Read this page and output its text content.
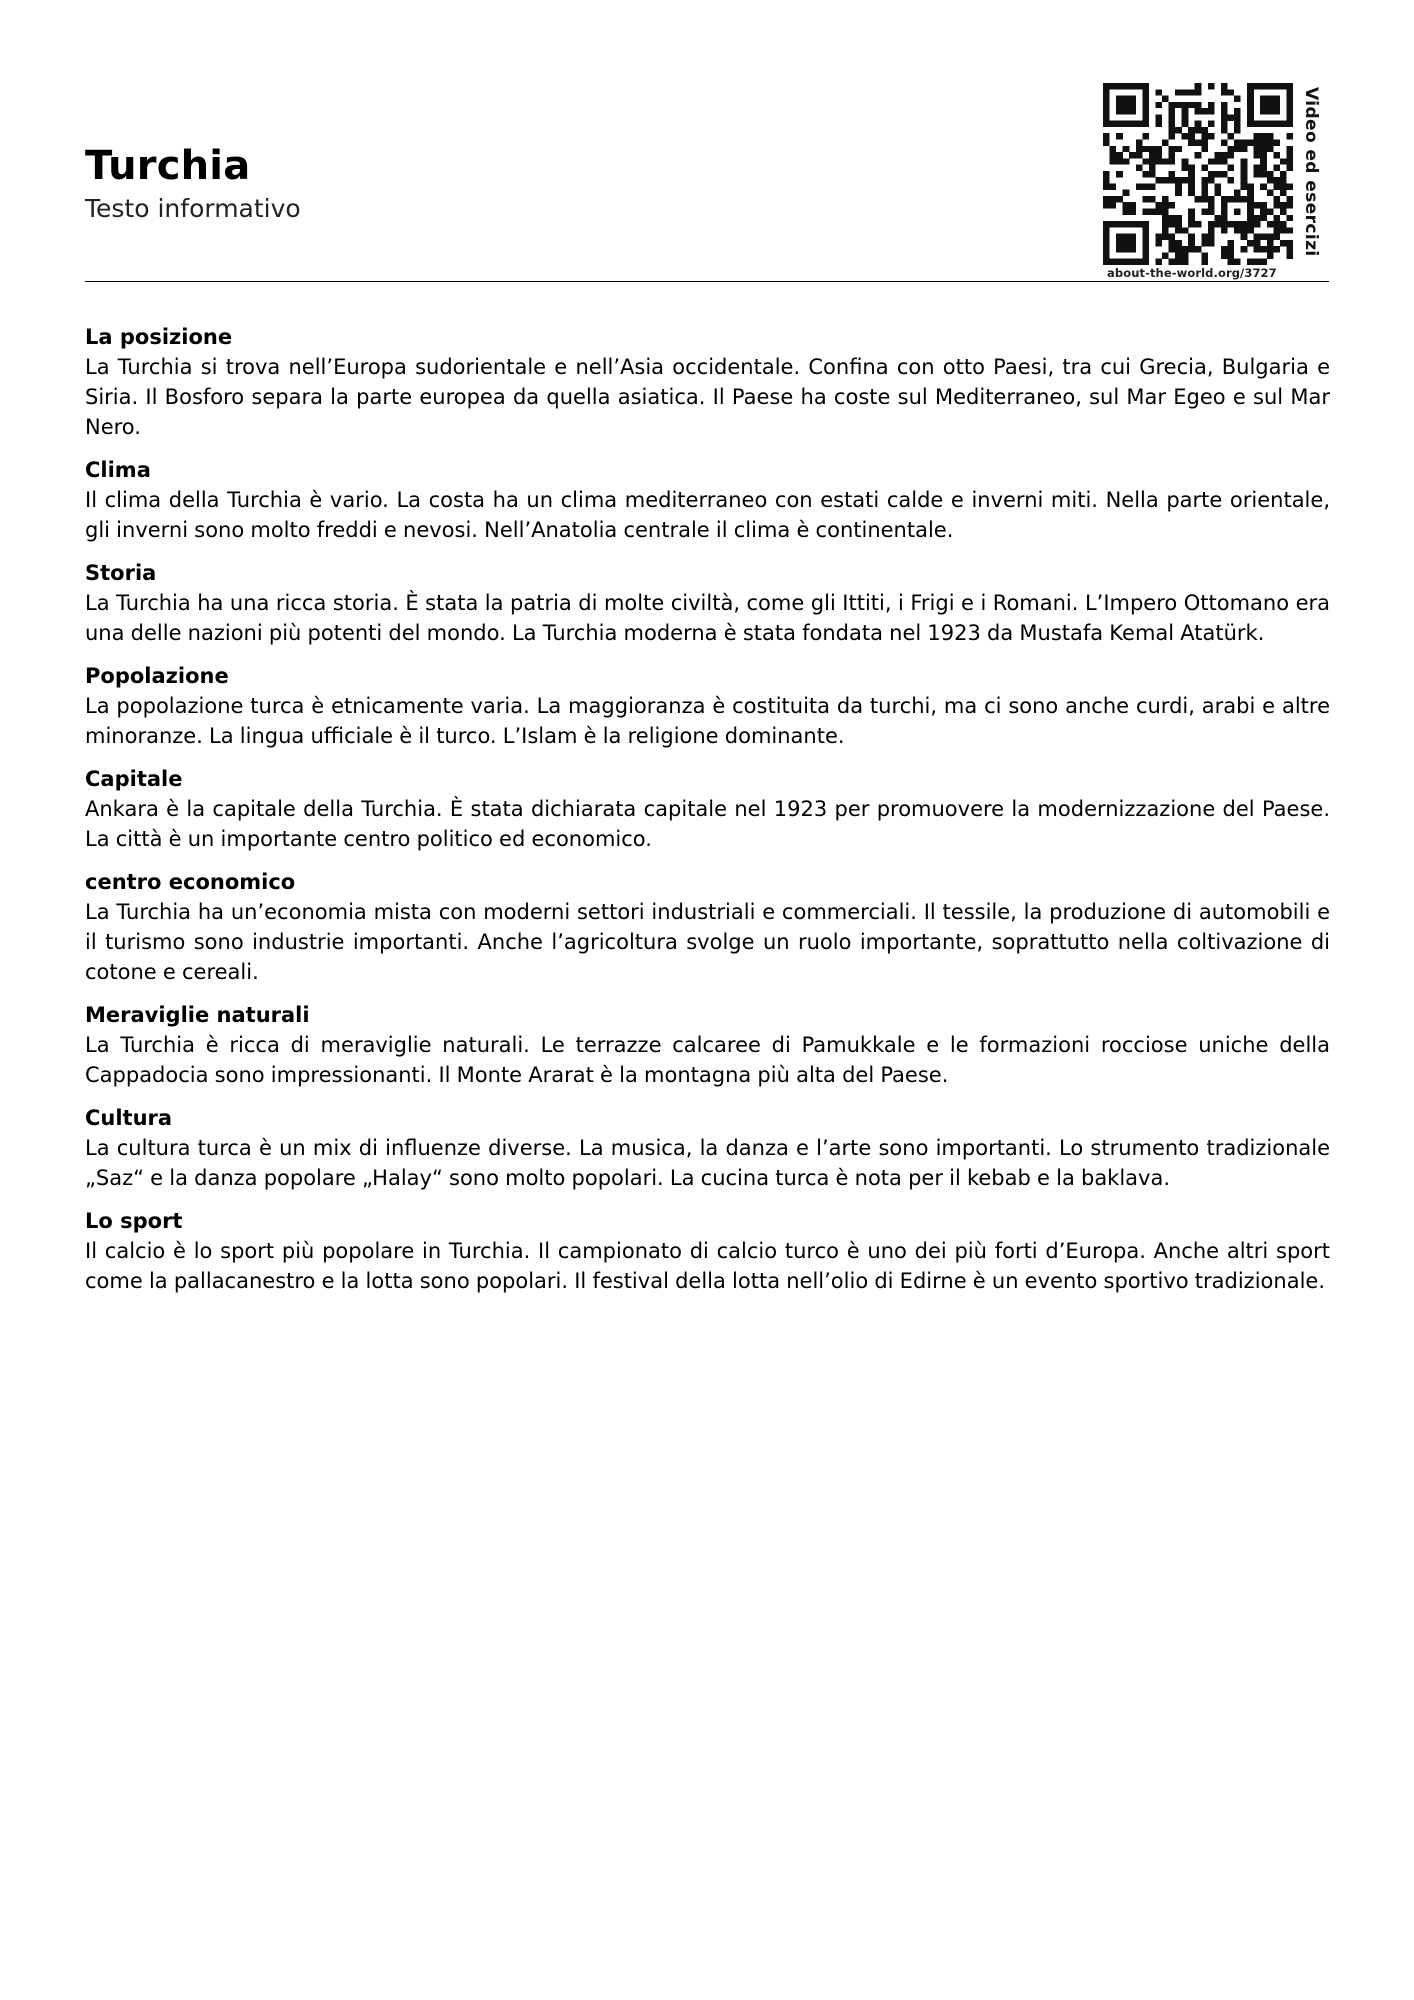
Turchia

Testo informativo

about-the-world.org/3727
Video ed esercizi

La posizione

La Turchia si trova nell’Europa sudorientale e nell’Asia occidentale. Confina con otto Paesi, tra cui Grecia, Bulgaria e Siria. Il Bosforo separa la parte europea da quella asiatica. Il Paese ha coste sul Mediterraneo, sul Mar Egeo e sul Mar Nero.

Clima

Il clima della Turchia è vario. La costa ha un clima mediterraneo con estati calde e inverni miti. Nella parte orientale, gli inverni sono molto freddi e nevosi. Nell’Anatolia centrale il clima è continentale.

Storia

La Turchia ha una ricca storia. È stata la patria di molte civiltà, come gli Ittiti, i Frigi e i Romani. L’Impero Ottomano era una delle nazioni più potenti del mondo. La Turchia moderna è stata fondata nel 1923 da Mustafa Kemal Atatürk.

Popolazione

La popolazione turca è etnicamente varia. La maggioranza è costituita da turchi, ma ci sono anche curdi, arabi e altre minoranze. La lingua ufficiale è il turco. L’Islam è la religione dominante.

Capitale

Ankara è la capitale della Turchia. È stata dichiarata capitale nel 1923 per promuovere la modernizzazione del Paese. La città è un importante centro politico ed economico.

centro economico

La Turchia ha un’economia mista con moderni settori industriali e commerciali. Il tessile, la produzione di automobili e il turismo sono industrie importanti. Anche l’agricoltura svolge un ruolo importante, soprattutto nella coltivazione di cotone e cereali.

Meraviglie naturali

La Turchia è ricca di meraviglie naturali. Le terrazze calcaree di Pamukkale e le formazioni rocciose uniche della Cappadocia sono impressionanti. Il Monte Ararat è la montagna più alta del Paese.

Cultura

La cultura turca è un mix di influenze diverse. La musica, la danza e l’arte sono importanti. Lo strumento tradizionale „Saz“ e la danza popolare „Halay“ sono molto popolari. La cucina turca è nota per il kebab e la baklava.

Lo sport

Il calcio è lo sport più popolare in Turchia. Il campionato di calcio turco è uno dei più forti d’Europa. Anche altri sport come la pallacanestro e la lotta sono popolari. Il festival della lotta nell’olio di Edirne è un evento sportivo tradizionale.
